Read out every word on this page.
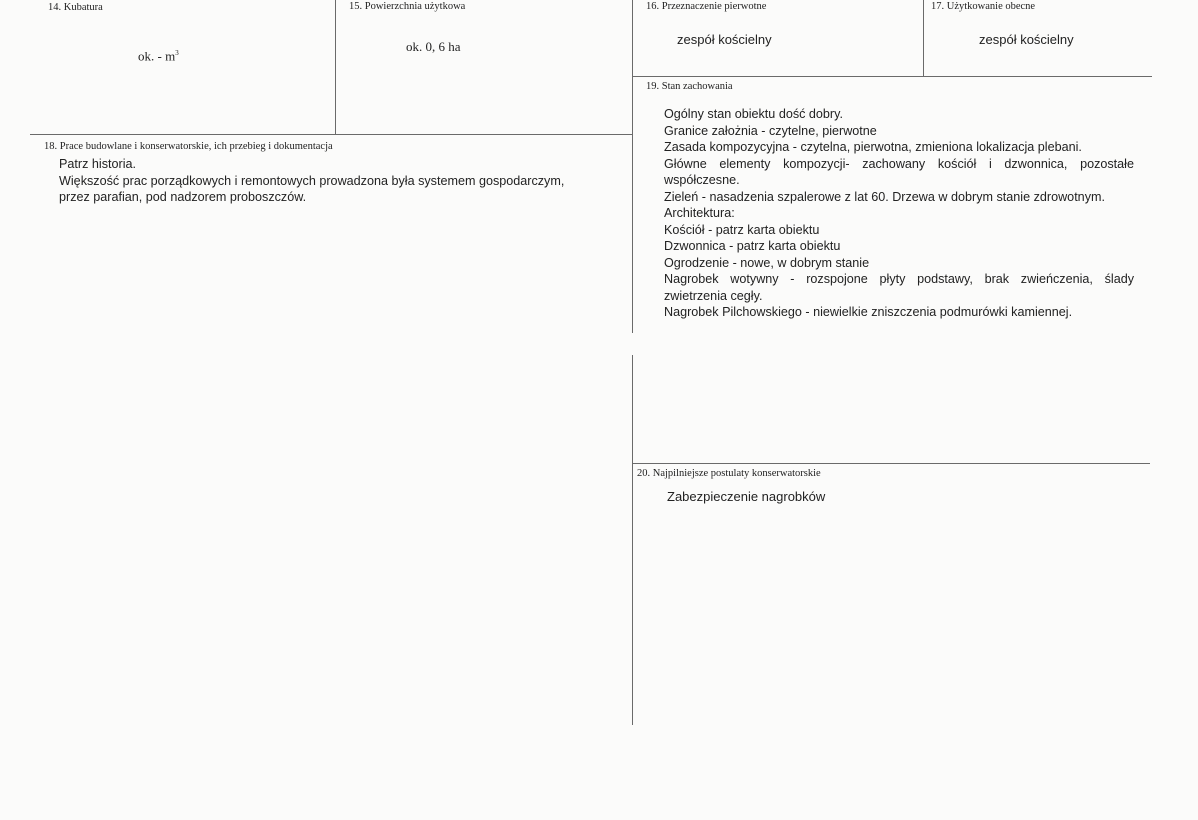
14. Kubatura
ok. - $m^3$
15. Powierzchnia użytkowa
ok. 0, 6 ha
16. Przeznaczenie pierwotne
zespół kościelny
17. Użytkowanie obecne
zespół kościelny
18. Prace budowlane i konserwatorskie, ich przebieg i dokumentacja
Patrz historia.
Większość prac porządkowych i remontowych prowadzona była systemem gospodarczym,
przez parafian, pod nadzorem proboszczów.
19. Stan zachowania
Ogólny stan obiektu dość dobry.
Granice założnia - czytelne, pierwotne
Zasada kompozycyjna - czytelna, pierwotna, zmieniona lokalizacja plebani.
Główne elementy kompozycji- zachowany kościół i dzwonnica, pozostałe współczesne.
Zieleń - nasadzenia szpalerowe z lat 60. Drzewa w dobrym stanie zdrowotnym.
Architektura:
Kościół - patrz karta obiektu
Dzwonnica - patrz karta obiektu
Ogrodzenie - nowe, w dobrym stanie
Nagrobek wotywny - rozspojone płyty podstawy, brak zwieńczenia, ślady zwietrzenia cegły.
Nagrobek Pilchowskiego - niewielkie zniszczenia podmurówki kamiennej.
20. Najpilniejsze postulaty konserwatorskie
Zabezpieczenie nagrobków
